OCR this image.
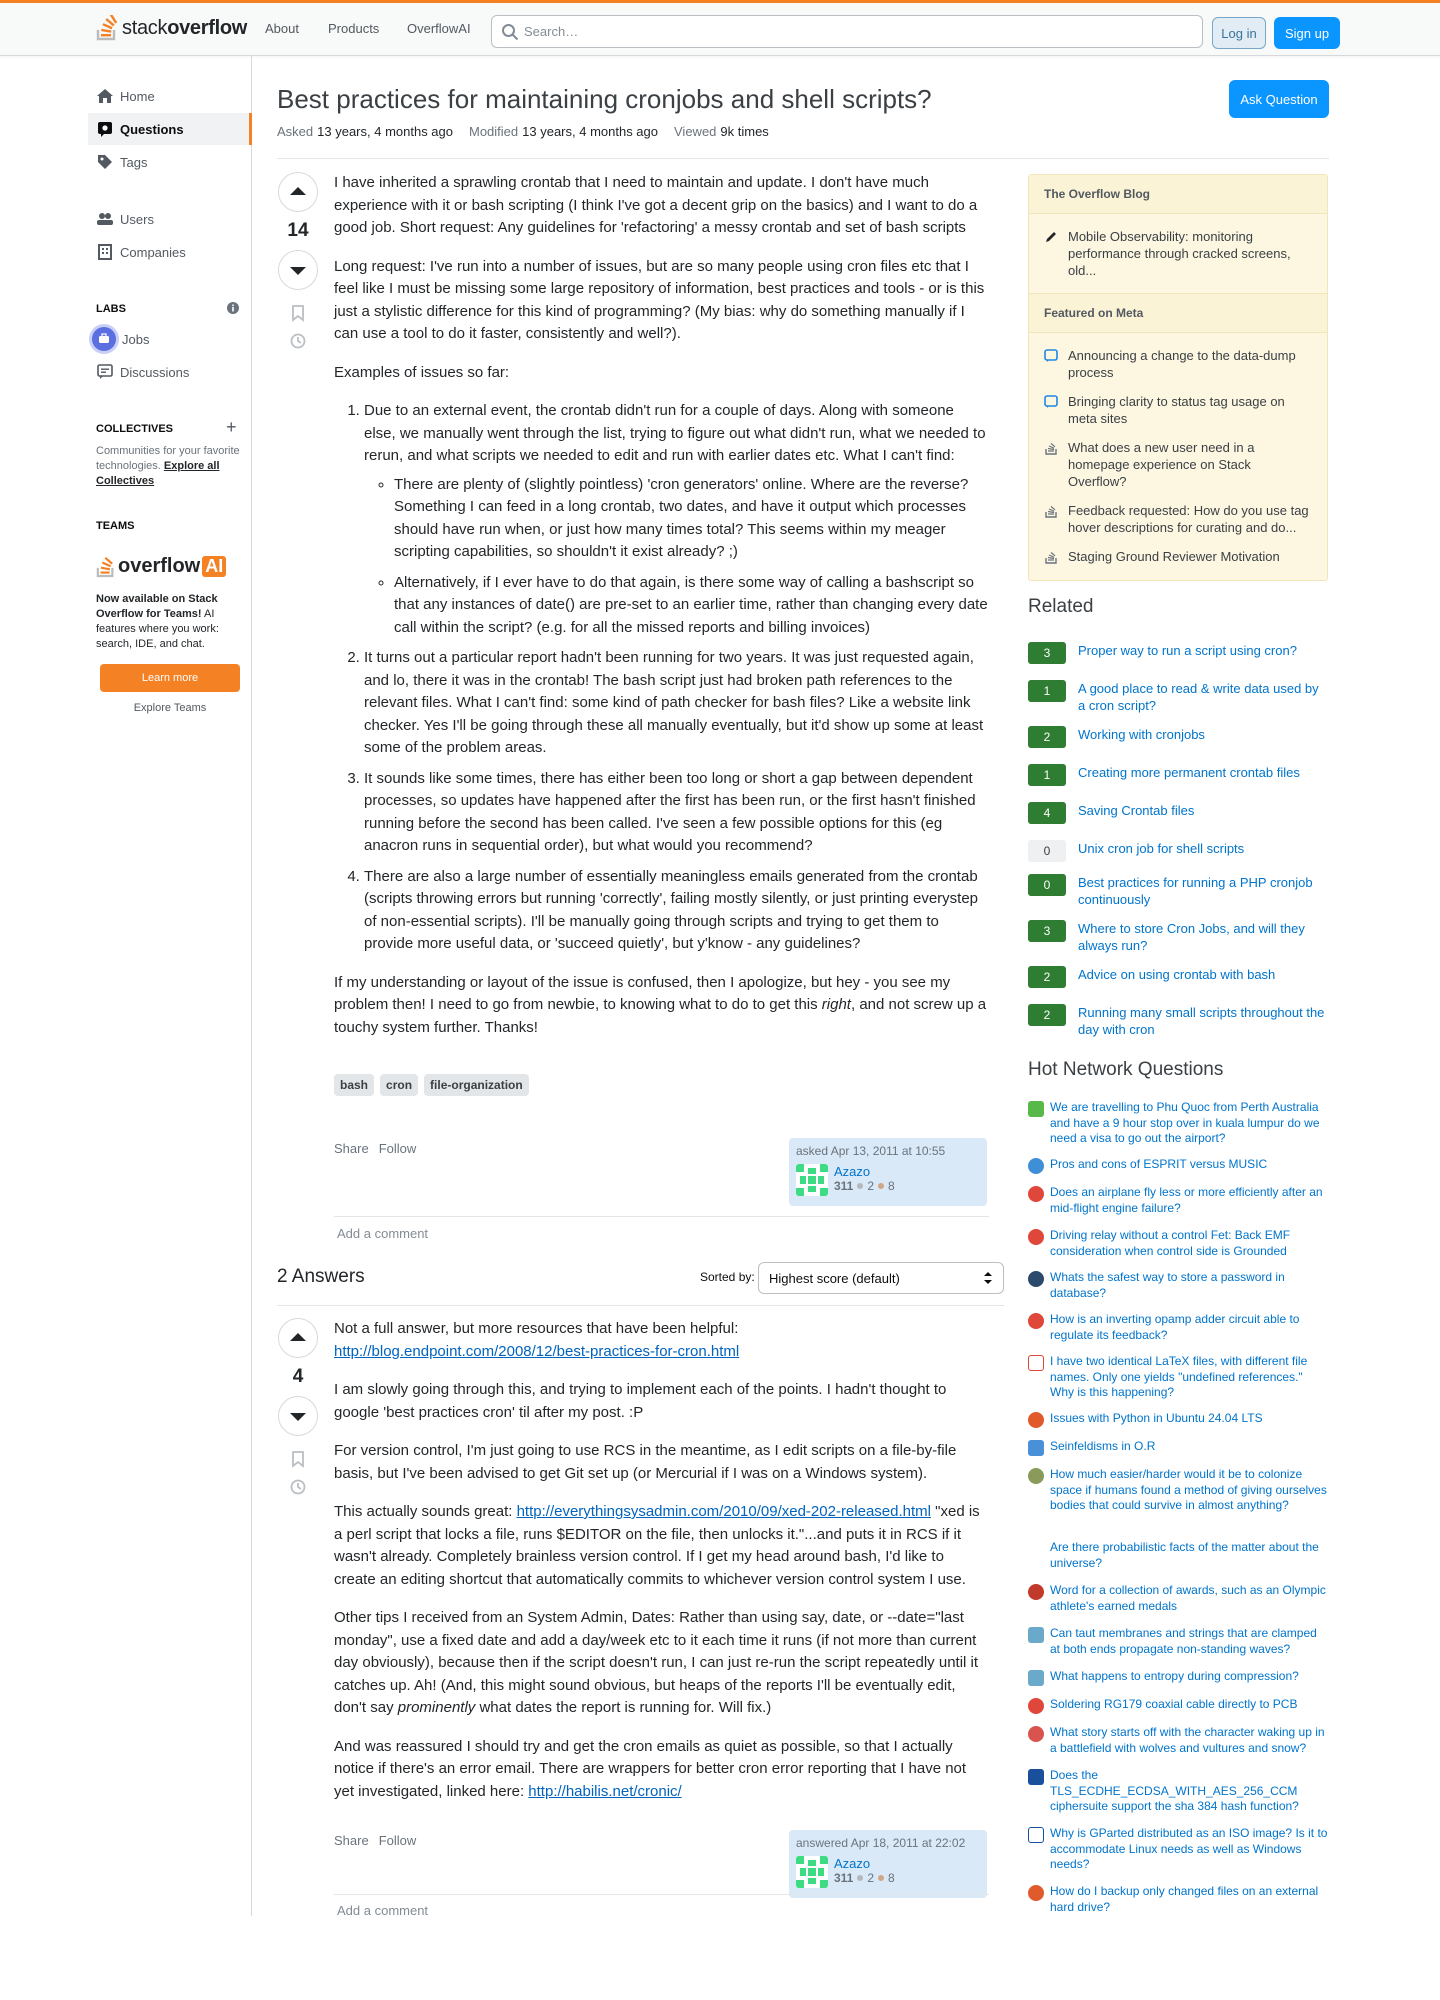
stackoverflow About Products OverflowAI	Search…	Log in	Sign up
Home
Questions
Tags
Users
Companies
LABS
Jobs
Discussions
COLLECTIVES	+
Communities for your favorite technologies. Explore all Collectives
TEAMS
overflow AI
Now available on Stack Overflow for Teams! AI features where you work: search, IDE, and chat.
Learn more
Explore Teams
Best practices for maintaining cronjobs and shell scripts?	Ask Question
Asked 13 years, 4 months ago Modified 13 years, 4 months ago Viewed 9k times
14

I have inherited a sprawling crontab that I need to maintain and update. I don't have much experience with it or bash scripting (I think I've got a decent grip on the basics) and I want to do a good job. Short request: Any guidelines for 'refactoring' a messy crontab and set of bash scripts

Long request: I've run into a number of issues, but are so many people using cron files etc that I feel like I must be missing some large repository of information, best practices and tools - or is this just a stylistic difference for this kind of programming? (My bias: why do something manually if I can use a tool to do it faster, consistently and well?).

Examples of issues so far:

1. Due to an external event, the crontab didn't run for a couple of days. Along with someone else, we manually went through the list, trying to figure out what didn't run, what we needed to rerun, and what scripts we needed to edit and run with earlier dates etc. What I can't find:
◦ There are plenty of (slightly pointless) 'cron generators' online. Where are the reverse? Something I can feed in a long crontab, two dates, and have it output which processes should have run when, or just how many times total? This seems within my meager scripting capabilities, so shouldn't it exist already? ;)
◦ Alternatively, if I ever have to do that again, is there some way of calling a bashscript so that any instances of date() are pre-set to an earlier time, rather than changing every date call within the script? (e.g. for all the missed reports and billing invoices)
2. It turns out a particular report hadn't been running for two years. It was just requested again, and lo, there it was in the crontab! The bash script just had broken path references to the relevant files. What I can't find: some kind of path checker for bash files? Like a website link checker. Yes I'll be going through these all manually eventually, but it'd show up some at least some of the problem areas.
3. It sounds like some times, there has either been too long or short a gap between dependent processes, so updates have happened after the first has been run, or the first hasn't finished running before the second has been called. I've seen a few possible options for this (eg anacron runs in sequential order), but what would you recommend?
4. There are also a large number of essentially meaningless emails generated from the crontab (scripts throwing errors but running 'correctly', failing mostly silently, or just printing everystep of non-essential scripts). I'll be manually going through scripts and trying to get them to provide more useful data, or 'succeed quietly', but y'know - any guidelines?

If my understanding or layout of the issue is confused, then I apologize, but hey - you see my problem then! I need to go from newbie, to knowing what to do to get this right, and not screw up a touchy system further. Thanks!

bash	cron	file-organization
Share Follow	asked Apr 13, 2011 at 10:55
Azazo
311 2 8
Add a comment
2 Answers	Sorted by: Highest score (default)
4

Not a full answer, but more resources that have been helpful:
http://blog.endpoint.com/2008/12/best-practices-for-cron.html

I am slowly going through this, and trying to implement each of the points. I hadn't thought to google 'best practices cron' til after my post. :P

For version control, I'm just going to use RCS in the meantime, as I edit scripts on a file-by-file basis, but I've been advised to get Git set up (or Mercurial if I was on a Windows system).

This actually sounds great: http://everythingsysadmin.com/2010/09/xed-202-released.html "xed is a perl script that locks a file, runs $EDITOR on the file, then unlocks it."...and puts it in RCS if it wasn't already. Completely brainless version control. If I get my head around bash, I'd like to create an editing shortcut that automatically commits to whichever version control system I use.

Other tips I received from an System Admin, Dates: Rather than using say, date, or --date="last monday", use a fixed date and add a day/week etc to it each time it runs (if not more than current day obviously), because then if the script doesn't run, I can just re-run the script repeatedly until it catches up. Ah! (And, this might sound obvious, but heaps of the reports I'll be eventually edit, don't say prominently what dates the report is running for. Will fix.)

And was reassured I should try and get the cron emails as quiet as possible, so that I actually notice if there's an error email. There are wrappers for better cron error reporting that I have not yet investigated, linked here: http://habilis.net/cronic/

Share Follow	answered Apr 18, 2011 at 22:02
Azazo
311 2 8
Add a comment
The Overflow Blog
Mobile Observability: monitoring performance through cracked screens, old...
Featured on Meta
Announcing a change to the data-dump process
Bringing clarity to status tag usage on meta sites
What does a new user need in a homepage experience on Stack Overflow?
Feedback requested: How do you use tag hover descriptions for curating and do...
Staging Ground Reviewer Motivation
Related
3	Proper way to run a script using cron?
1	A good place to read & write data used by a cron script?
2	Working with cronjobs
1	Creating more permanent crontab files
4	Saving Crontab files
0	Unix cron job for shell scripts
0	Best practices for running a PHP cronjob continuously
3	Where to store Cron Jobs, and will they always run?
2	Advice on using crontab with bash
2	Running many small scripts throughout the day with cron
Hot Network Questions
We are travelling to Phu Quoc from Perth Australia and have a 9 hour stop over in kuala lumpur do we need a visa to go out the airport?
Pros and cons of ESPRIT versus MUSIC
Does an airplane fly less or more efficiently after an mid-flight engine failure?
Driving relay without a control Fet: Back EMF consideration when control side is Grounded
Whats the safest way to store a password in database?
How is an inverting opamp adder circuit able to regulate its feedback?
I have two identical LaTeX files, with different file names. Only one yields "undefined references." Why is this happening?
Issues with Python in Ubuntu 24.04 LTS
Seinfeldisms in O.R
How much easier/harder would it be to colonize space if humans found a method of giving ourselves bodies that could survive in almost anything?
Are there probabilistic facts of the matter about the universe?
Word for a collection of awards, such as an Olympic athlete's earned medals
Can taut membranes and strings that are clamped at both ends propagate non-standing waves?
What happens to entropy during compression?
Soldering RG179 coaxial cable directly to PCB
What story starts off with the character waking up in a battlefield with wolves and vultures and snow?
Does the TLS_ECDHE_ECDSA_WITH_AES_256_CCM ciphersuite support the sha 384 hash function?
Why is GParted distributed as an ISO image? Is it to accommodate Linux needs as well as Windows needs?
How do I backup only changed files on an external hard drive?
